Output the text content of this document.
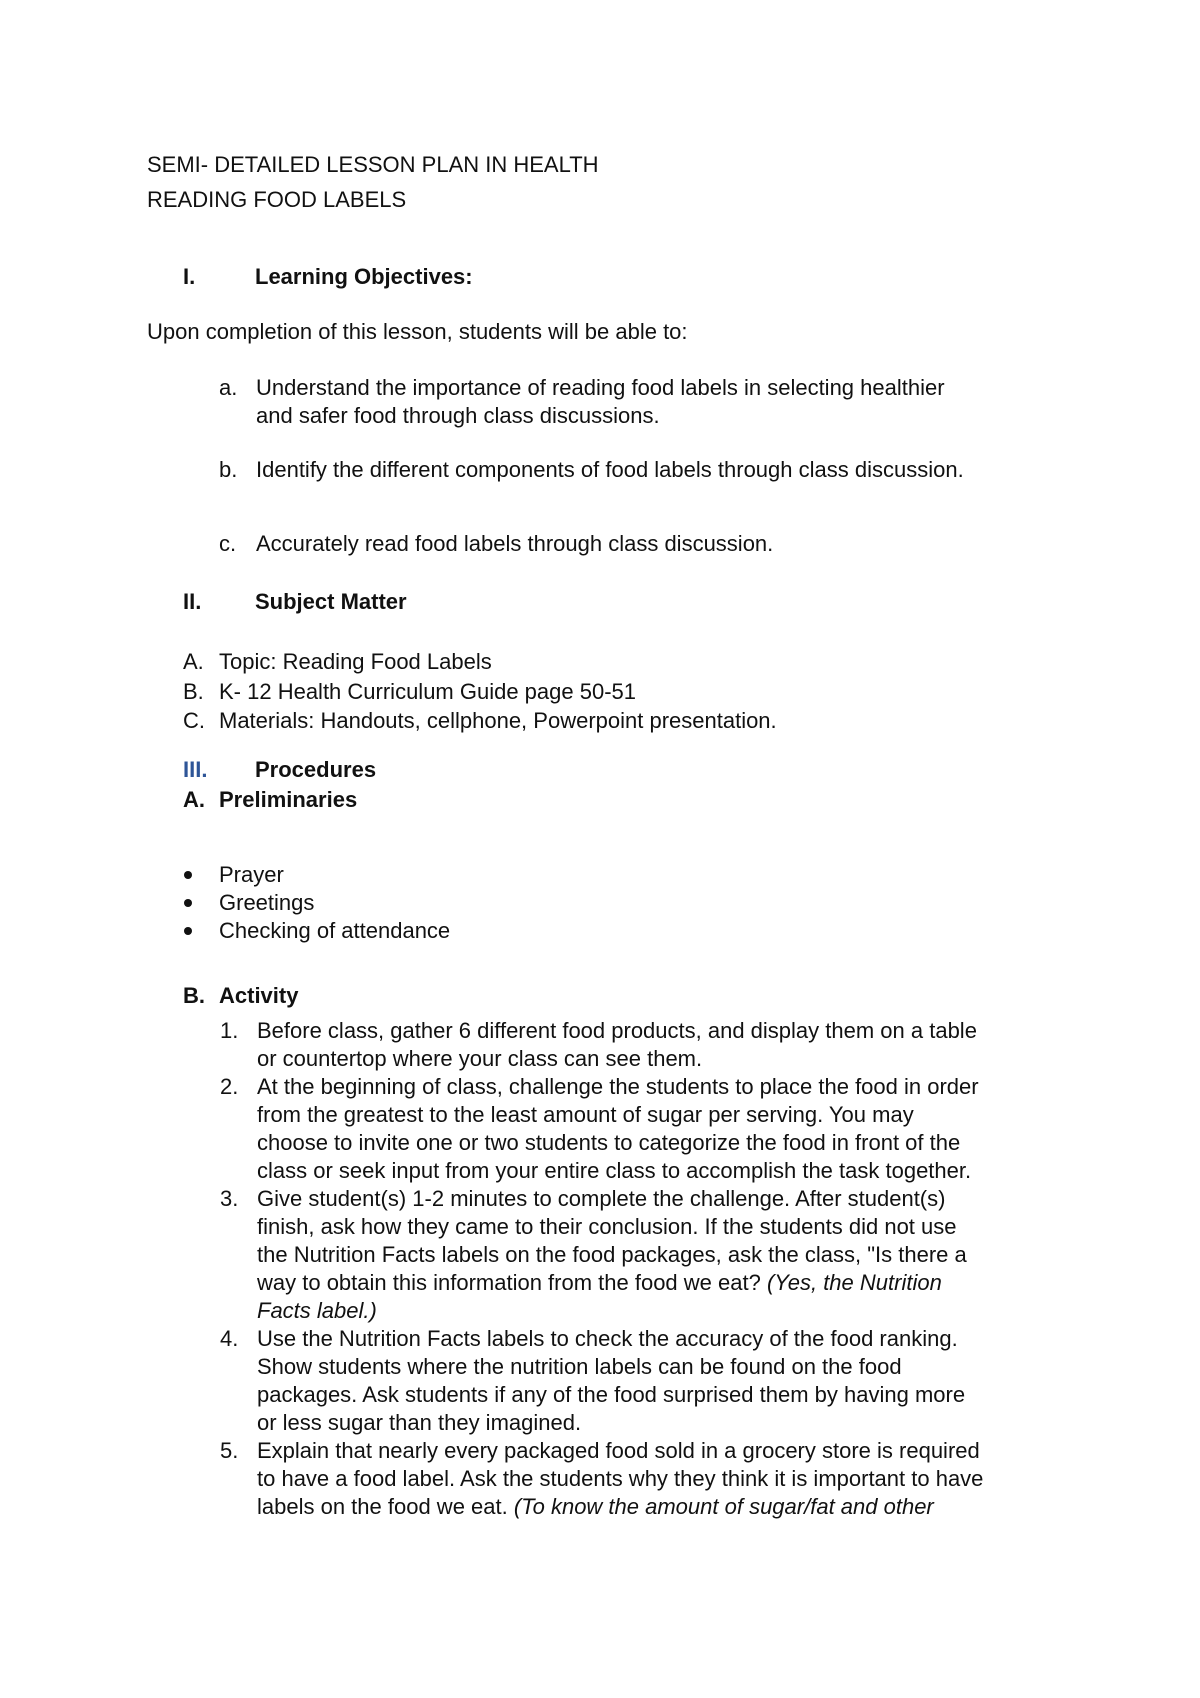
SEMI- DETAILED LESSON PLAN IN HEALTH
READING FOOD LABELS
I.	Learning Objectives:
Upon completion of this lesson, students will be able to:
a. Understand the importance of reading food labels in selecting healthier
and safer food through class discussions.
b. Identify the different components of food labels through class discussion.
c. Accurately read food labels through class discussion.
II. Subject Matter
A. Topic: Reading Food Labels
B. K- 12 Health Curriculum Guide page 50-51
C. Materials: Handouts, cellphone, Powerpoint presentation.
III. Procedures
A. Preliminaries
Prayer
Greetings
Checking of attendance
B. Activity
1. Before class, gather 6 different food products, and display them on a table
or countertop where your class can see them.
2. At the beginning of class, challenge the students to place the food in order
from the greatest to the least amount of sugar per serving. You may
choose to invite one or two students to categorize the food in front of the
class or seek input from your entire class to accomplish the task together.
3. Give student(s) 1-2 minutes to complete the challenge. After student(s)
finish, ask how they came to their conclusion. If the students did not use
the Nutrition Facts labels on the food packages, ask the class, "Is there a
way to obtain this information from the food we eat? (Yes, the Nutrition
Facts label.)
4. Use the Nutrition Facts labels to check the accuracy of the food ranking.
Show students where the nutrition labels can be found on the food
packages. Ask students if any of the food surprised them by having more
or less sugar than they imagined.
5. Explain that nearly every packaged food sold in a grocery store is required
to have a food label. Ask the students why they think it is important to have
labels on the food we eat. (To know the amount of sugar/fat and other
